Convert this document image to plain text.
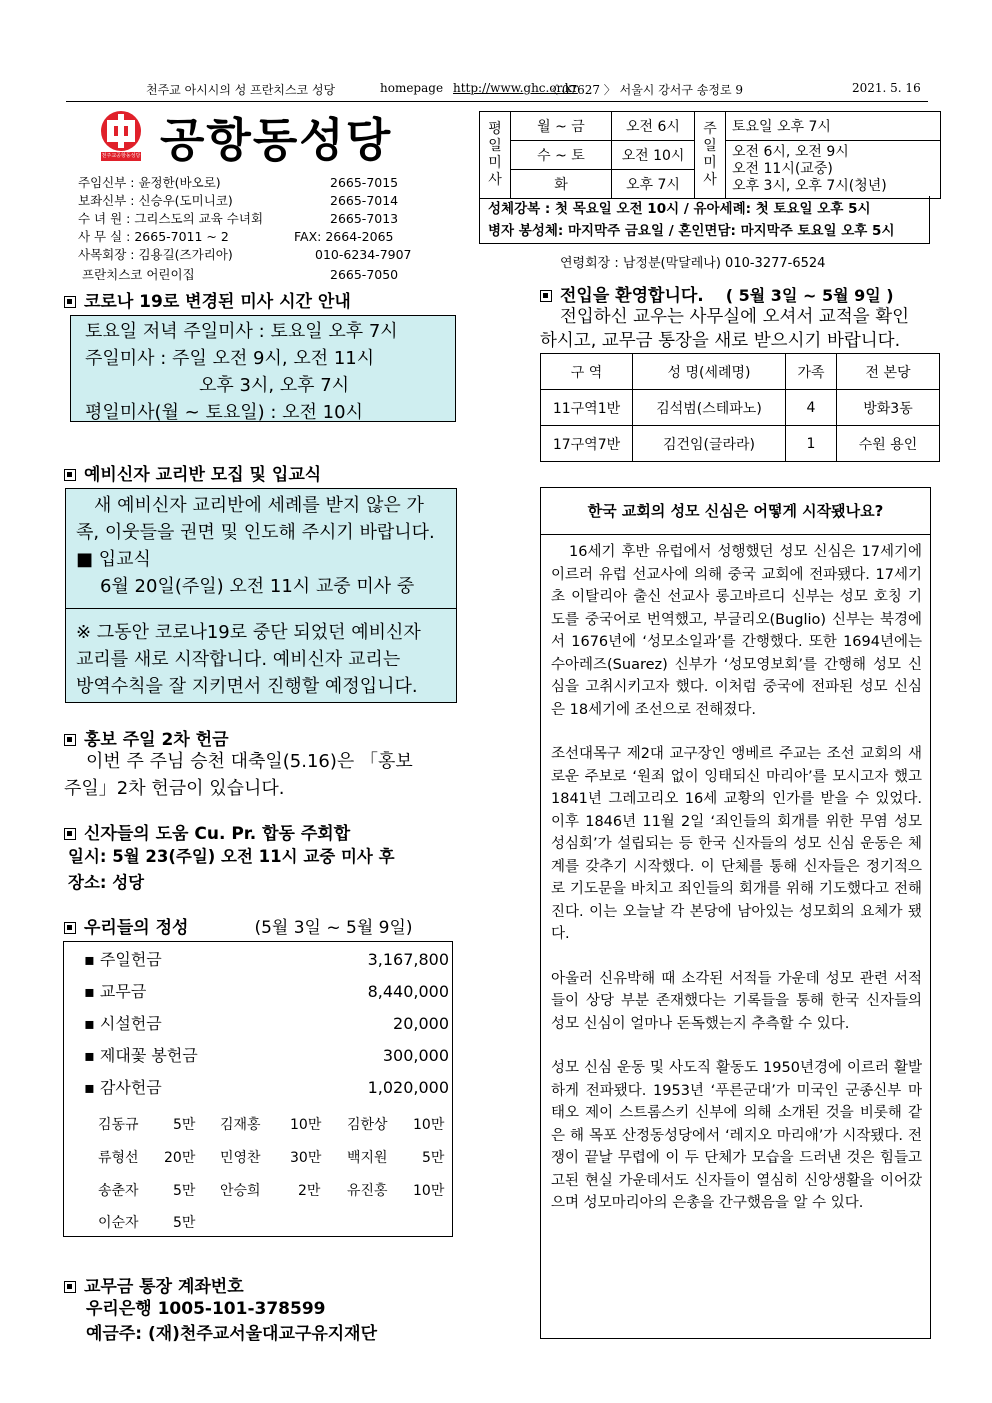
천주교 아시시의 성 프란치스코 성당	homepage http://www.ghc.or.kr
〈 07627 〉 서울시 강서구 송정로 9	2021. 5. 16
천주교공항동성당 공항동성당
주임신부 : 윤정한(바오로)	2665-7015
보좌신부 : 신승우(도미니코)	2665-7014
수 녀 원 : 그리스도의 교육 수녀회	2665-7013
사 무 실 : 2665-7011 ~ 2	FAX: 2664-2065
사목회장 : 김용길(즈가리아)	010-6234-7907
프란치스코 어린이집	2665-7050
평일미사	월 ~ 금	오전 6시	주일미사	토요일 오후 7시
	수 ~ 토	오전 10시		오전 6시, 오전 9시
오전 11시(교중)
오후 3시, 오후 7시(청년)

	화	오후 7시		
성체강복 : 첫 목요일 오전 10시 / 유아세례: 첫 토요일 오후 5시
병자 봉성체: 마지막주 금요일 / 혼인면담: 마지막주 토요일 오후 5시
연령회장 : 남정분(막달레나) 010-3277-6524
코로나 19로 변경된 미사 시간 안내
토요일 저녁 주일미사 : 토요일 오후 7시
주일미사 : 주일 오전 9시, 오전 11시
오후 3시, 오후 7시
평일미사(월 ~ 토요일) : 오전 10시
전입을 환영합니다. ( 5월 3일 ~ 5월 9일 )
전입하신 교우는 사무실에 오셔서 교적을 확인
하시고, 교무금 통장을 새로 받으시기 바랍니다.
구 역	성 명(세례명)	가족	전 본당
11구역1반	김석범(스테파노)	4	방화3동
17구역7반	김건임(글라라)	1	수원 용인
예비신자 교리반 모집 및 입교식
새 예비신자 교리반에 세례를 받지 않은 가
족, 이웃들을 권면 및 인도해 주시기 바랍니다.
■ 입교식
6월 20일(주일) 오전 11시 교중 미사 중
※ 그동안 코로나19로 중단 되었던 예비신자
교리를 새로 시작합니다. 예비신자 교리는
방역수칙을 잘 지키면서 진행할 예정입니다.
홍보 주일 2차 헌금
이번 주 주님 승천 대축일(5.16)은 「홍보
주일」2차 헌금이 있습니다.
신자들의 도움 Cu. Pr. 합동 주회합
일시: 5월 23(주일) 오전 11시 교중 미사 후
장소: 성당
우리들의 정성	(5월 3일 ~ 5월 9일)
▪ 주일헌금	3,167,800
▪ 교무금	8,440,000
▪ 시설헌금	20,000
▪ 제대꽃 봉헌금	300,000
▪ 감사헌금	1,020,000
김동규 5만 김재홍 10만 김한상 10만
류형선 20만 민영찬 30만 백지원 5만
송춘자 5만 안승희	2만 유진홍 10만
이순자 5만
교무금 통장 계좌번호
우리은행 1005-101-378599
예금주: (재)천주교서울대교구유지재단
한국 교회의 성모 신심은 어떻게 시작됐나요?

16세기 후반 유럽에서 성행했던 성모 신심은 17세기에 이르러 유럽 선교사에 의해 중국 교회에 전파됐다. 17세기 초 이탈리아 출신 선교사 롱고바르디 신부는 성모 호칭 기도를 중국어로 번역했고, 부글리오(Buglio) 신부는 북경에서 1676년에 ‘성모소일과’를 간행했다. 또한 1694년에는 수아레즈(Suarez) 신부가 ‘성모영보회’를 간행해 성모 신심을 고취시키고자 했다. 이처럼 중국에 전파된 성모 신심은 18세기에 조선으로 전해졌다.

조선대목구 제2대 교구장인 앵베르 주교는 조선 교회의 새로운 주보로 ‘원죄 없이 잉태되신 마리아’를 모시고자 했고 1841년 그레고리오 16세 교황의 인가를 받을 수 있었다. 이후 1846년 11월 2일 ‘죄인들의 회개를 위한 무염 성모 성심회’가 설립되는 등 한국 신자들의 성모 신심 운동은 체계를 갖추기 시작했다. 이 단체를 통해 신자들은 정기적으로 기도문을 바치고 죄인들의 회개를 위해 기도했다고 전해진다. 이는 오늘날 각 본당에 남아있는 성모회의 요체가 됐다.

아울러 신유박해 때 소각된 서적들 가운데 성모 관련 서적들이 상당 부분 존재했다는 기록들을 통해 한국 신자들의 성모 신심이 얼마나 돈독했는지 추측할 수 있다.

성모 신심 운동 및 사도직 활동도 1950년경에 이르러 활발하게 전파됐다. 1953년 ‘푸른군대’가 미국인 군종신부 마태오 제이 스트롬스키 신부에 의해 소개된 것을 비롯해 같은 해 목포 산정동성당에서 ‘레지오 마리애’가 시작됐다. 전쟁이 끝날 무렵에 이 두 단체가 모습을 드러낸 것은 힘들고 고된 현실 가운데서도 신자들이 열심히 신앙생활을 이어갔으며 성모마리아의 은총을 간구했음을 알 수 있다.
